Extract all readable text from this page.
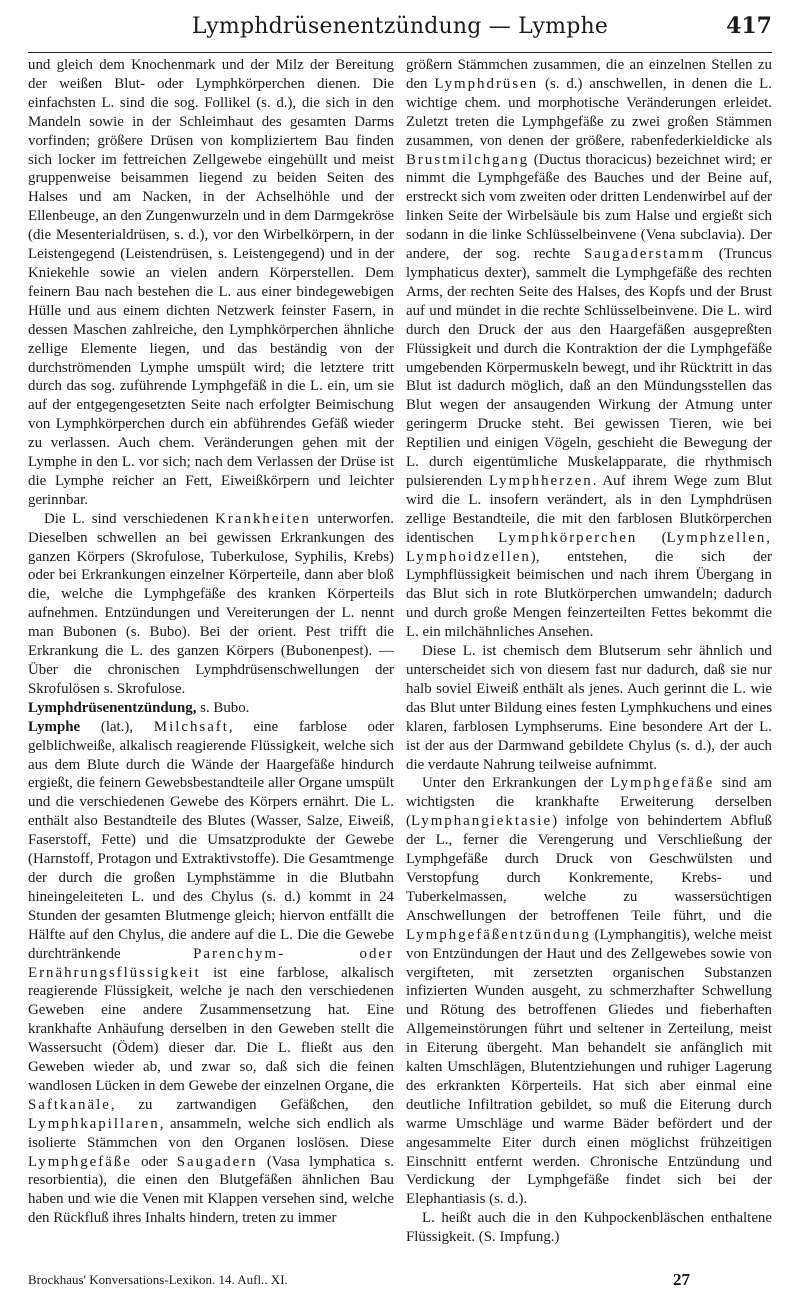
Lymphdrüsenentzündung — Lymphe	417

und gleich dem Knochenmark und der Milz der Bereitung der weißen Blut- oder Lymphkörperchen dienen. Die einfachsten L. sind die sog. Follikel (s. d.), die sich in den Mandeln sowie in der Schleimhaut des gesamten Darms vorfinden; größere Drüsen von kompliziertem Bau finden sich locker im fettreichen Zellgewebe eingehüllt und meist gruppenweise beisammen liegend zu beiden Seiten des Halses und am Nacken, in der Achselhöhle und der Ellenbeuge, an den Zungenwurzeln und in dem Darmgekröse (die Mesenterialdrüsen, s. d.), vor den Wirbelkörpern, in der Leistengegend (Leistendrüsen, s. Leistengegend) und in der Kniekehle sowie an vielen andern Körperstellen. Dem feinern Bau nach bestehen die L. aus einer bindegewebigen Hülle und aus einem dichten Netzwerk feinster Fasern, in dessen Maschen zahlreiche, den Lymphkörperchen ähnliche zellige Elemente liegen, und das beständig von der durchströmenden Lymphe umspült wird; die letztere tritt durch das sog. zuführende Lymphgefäß in die L. ein, um sie auf der entgegengesetzten Seite nach erfolgter Beimischung von Lymphkörperchen durch ein abführendes Gefäß wieder zu verlassen. Auch chem. Veränderungen gehen mit der Lymphe in den L. vor sich; nach dem Verlassen der Drüse ist die Lymphe reicher an Fett, Eiweißkörpern und leichter gerinnbar.

Die L. sind verschiedenen Krankheiten unterworfen. Dieselben schwellen an bei gewissen Erkrankungen des ganzen Körpers (Skrofulose, Tuberkulose, Syphilis, Krebs) oder bei Erkrankungen einzelner Körperteile, dann aber bloß die, welche die Lymphgefäße des kranken Körperteils aufnehmen. Entzündungen und Vereiterungen der L. nennt man Bubonen (s. Bubo). Bei der orient. Pest trifft die Erkrankung die L. des ganzen Körpers (Bubonenpest). — Über die chronischen Lymphdrüsenschwellungen der Skrofulösen s. Skrofulose.

Lymphdrüsenentzündung, s. Bubo.

Lymphe (lat.), Milchsaft, eine farblose oder gelblichweiße, alkalisch reagierende Flüssigkeit, welche sich aus dem Blute durch die Wände der Haargefäße hindurch ergießt, die feinern Gewebsbestandteile aller Organe umspült und die verschiedenen Gewebe des Körpers ernährt. Die L. enthält also Bestandteile des Blutes (Wasser, Salze, Eiweiß, Faserstoff, Fette) und die Umsatzprodukte der Gewebe (Harnstoff, Protagon und Extraktivstoffe). Die Gesamtmenge der durch die großen Lymphstämme in die Blutbahn hineingeleiteten L. und des Chylus (s. d.) kommt in 24 Stunden der gesamten Blutmenge gleich; hiervon entfällt die Hälfte auf den Chylus, die andere auf die L. Die die Gewebe durchtränkende Parenchym- oder Ernährungsflüssigkeit ist eine farblose, alkalisch reagierende Flüssigkeit, welche je nach den verschiedenen Geweben eine andere Zusammensetzung hat. Eine krankhafte Anhäufung derselben in den Geweben stellt die Wassersucht (Ödem) dieser dar. Die L. fließt aus den Geweben wieder ab, und zwar so, daß sich die feinen wandlosen Lücken in dem Gewebe der einzelnen Organe, die Saftkanäle, zu zartwandigen Gefäßchen, den Lymphkapillaren, ansammeln, welche sich endlich als isolierte Stämmchen von den Organen loslösen. Diese Lymphgefäße oder Saugadern (Vasa lymphatica s. resorbientia), die einen den Blutgefäßen ähnlichen Bau haben und wie die Venen mit Klappen versehen sind, welche den Rückfluß ihres Inhalts hindern, treten zu immer

größern Stämmchen zusammen, die an einzelnen Stellen zu den Lymphdrüsen (s. d.) anschwellen, in denen die L. wichtige chem. und morphotische Veränderungen erleidet. Zuletzt treten die Lymphgefäße zu zwei großen Stämmen zusammen, von denen der größere, rabenfederkieldicke als Brustmilchgang (Ductus thoracicus) bezeichnet wird; er nimmt die Lymphgefäße des Bauches und der Beine auf, erstreckt sich vom zweiten oder dritten Lendenwirbel auf der linken Seite der Wirbelsäule bis zum Halse und ergießt sich sodann in die linke Schlüsselbeinvene (Vena subclavia). Der andere, der sog. rechte Saugaderstamm (Truncus lymphaticus dexter), sammelt die Lymphgefäße des rechten Arms, der rechten Seite des Halses, des Kopfs und der Brust auf und mündet in die rechte Schlüsselbeinvene. Die L. wird durch den Druck der aus den Haargefäßen ausgepreßten Flüssigkeit und durch die Kontraktion der die Lymphgefäße umgebenden Körpermuskeln bewegt, und ihr Rücktritt in das Blut ist dadurch möglich, daß an den Mündungsstellen das Blut wegen der ansaugenden Wirkung der Atmung unter geringerm Drucke steht. Bei gewissen Tieren, wie bei Reptilien und einigen Vögeln, geschieht die Bewegung der L. durch eigentümliche Muskelapparate, die rhythmisch pulsierenden Lymphherzen. Auf ihrem Wege zum Blut wird die L. insofern verändert, als in den Lymphdrüsen zellige Bestandteile, die mit den farblosen Blutkörperchen identischen Lymphkörperchen (Lymphzellen, Lymphoidzellen), entstehen, die sich der Lymphflüssigkeit beimischen und nach ihrem Übergang in das Blut sich in rote Blutkörperchen umwandeln; dadurch und durch große Mengen feinzerteilten Fettes bekommt die L. ein milchähnliches Ansehen.

Diese L. ist chemisch dem Blutserum sehr ähnlich und unterscheidet sich von diesem fast nur dadurch, daß sie nur halb soviel Eiweiß enthält als jenes. Auch gerinnt die L. wie das Blut unter Bildung eines festen Lymphkuchens und eines klaren, farblosen Lymphserums. Eine besondere Art der L. ist der aus der Darmwand gebildete Chylus (s. d.), der auch die verdaute Nahrung teilweise aufnimmt.

Unter den Erkrankungen der Lymphgefäße sind am wichtigsten die krankhafte Erweiterung derselben (Lymphangiektasie) infolge von behindertem Abfluß der L., ferner die Verengerung und Verschließung der Lymphgefäße durch Druck von Geschwülsten und Verstopfung durch Konkremente, Krebs- und Tuberkelmassen, welche zu wassersüchtigen Anschwellungen der betroffenen Teile führt, und die Lymphgefäßentzündung (Lymphangitis), welche meist von Entzündungen der Haut und des Zellgewebes sowie von vergifteten, mit zersetzten organischen Substanzen infizierten Wunden ausgeht, zu schmerzhafter Schwellung und Rötung des betroffenen Gliedes und fieberhaften Allgemeinstörungen führt und seltener in Zerteilung, meist in Eiterung übergeht. Man behandelt sie anfänglich mit kalten Umschlägen, Blutentziehungen und ruhiger Lagerung des erkrankten Körperteils. Hat sich aber einmal eine deutliche Infiltration gebildet, so muß die Eiterung durch warme Umschläge und warme Bäder befördert und der angesammelte Eiter durch einen möglichst frühzeitigen Einschnitt entfernt werden. Chronische Entzündung und Verdickung der Lymphgefäße findet sich bei der Elephantiasis (s. d.).

L. heißt auch die in den Kuhpockenbläschen enthaltene Flüssigkeit. (S. Impfung.)

Brockhaus' Konversations-Lexikon. 14. Aufl.. XI.	27
